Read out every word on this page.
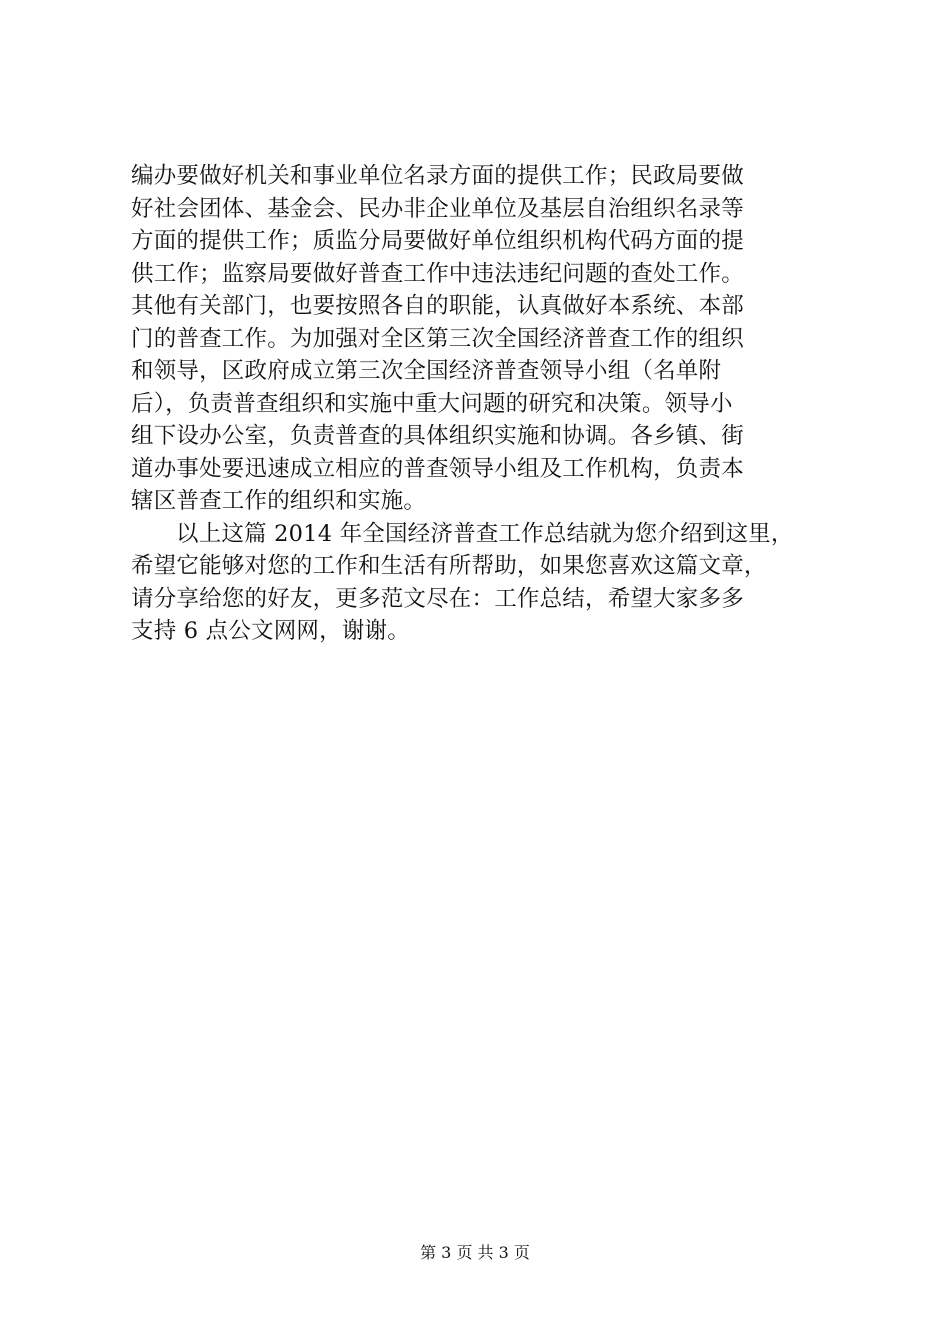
编办要做好机关和事业单位名录方面的提供工作；民政局要做
好社会团体、基金会、民办非企业单位及基层自治组织名录等
方面的提供工作；质监分局要做好单位组织机构代码方面的提
供工作；监察局要做好普查工作中违法违纪问题的查处工作。
其他有关部门，也要按照各自的职能，认真做好本系统、本部
门的普查工作。为加强对全区第三次全国经济普查工作的组织
和领导，区政府成立第三次全国经济普查领导小组（名单附
后），负责普查组织和实施中重大问题的研究和决策。领导小
组下设办公室，负责普查的具体组织实施和协调。各乡镇、街
道办事处要迅速成立相应的普查领导小组及工作机构，负责本
辖区普查工作的组织和实施。
以上这篇 2014 年全国经济普查工作总结就为您介绍到这里，
希望它能够对您的工作和生活有所帮助，如果您喜欢这篇文章，
请分享给您的好友，更多范文尽在：工作总结，希望大家多多
支持 6 点公文网网，谢谢。
第 3 页 共 3 页
